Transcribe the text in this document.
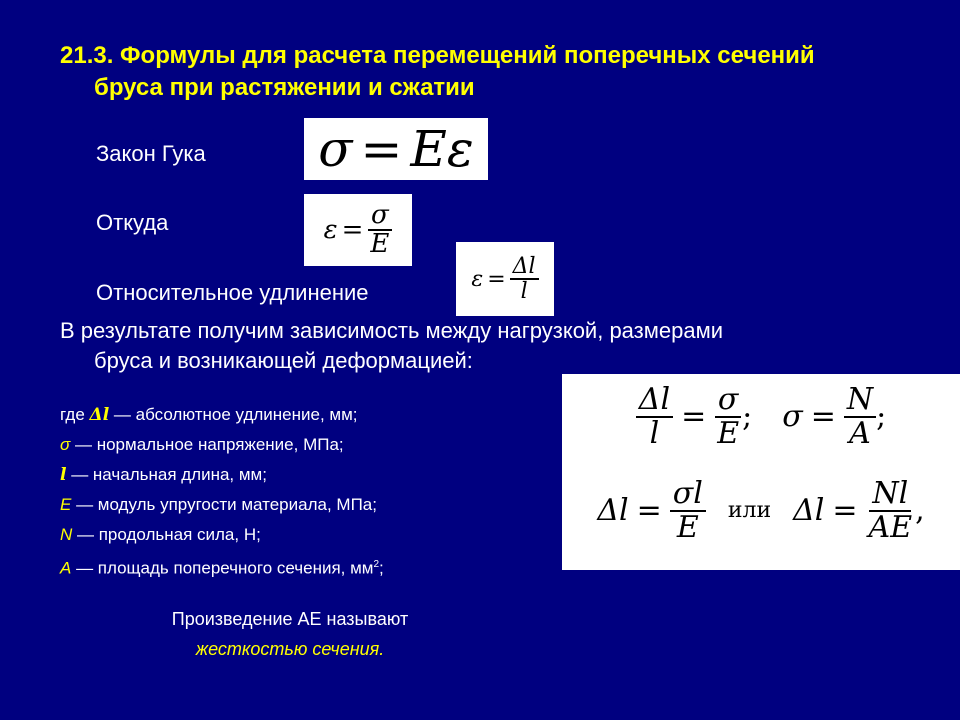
21.3. Формулы для расчета перемещений поперечных сечений
бруса при растяжении и сжатии
Закон Гука σ = E ε
Откуда	$\varepsilon = \frac{\sigma}{E}$
Относительное удлинение
$\varepsilon = \frac{\Delta l}{l}$
В результате получим зависимость между нагрузкой, размерами
бруса и возникающей деформацией:
$\frac{\Delta l}{l} = \frac{\sigma}{E}$ ; $\sigma = \frac{N}{A}$ ;
$\Delta l = \frac{\sigma l}{E}$	или $\Delta l = \frac{Nl}{AE}$ ,
где Δl — абсолютное удлинение, мм;
σ — нормальное напряжение, МПа;
l — начальная длина, мм;
E — модуль упругости материала, МПа;
N — продольная сила, Н;
A — площадь поперечного сечения, $мм^2$;
Произведение АЕ называют
жесткостью сечения.
